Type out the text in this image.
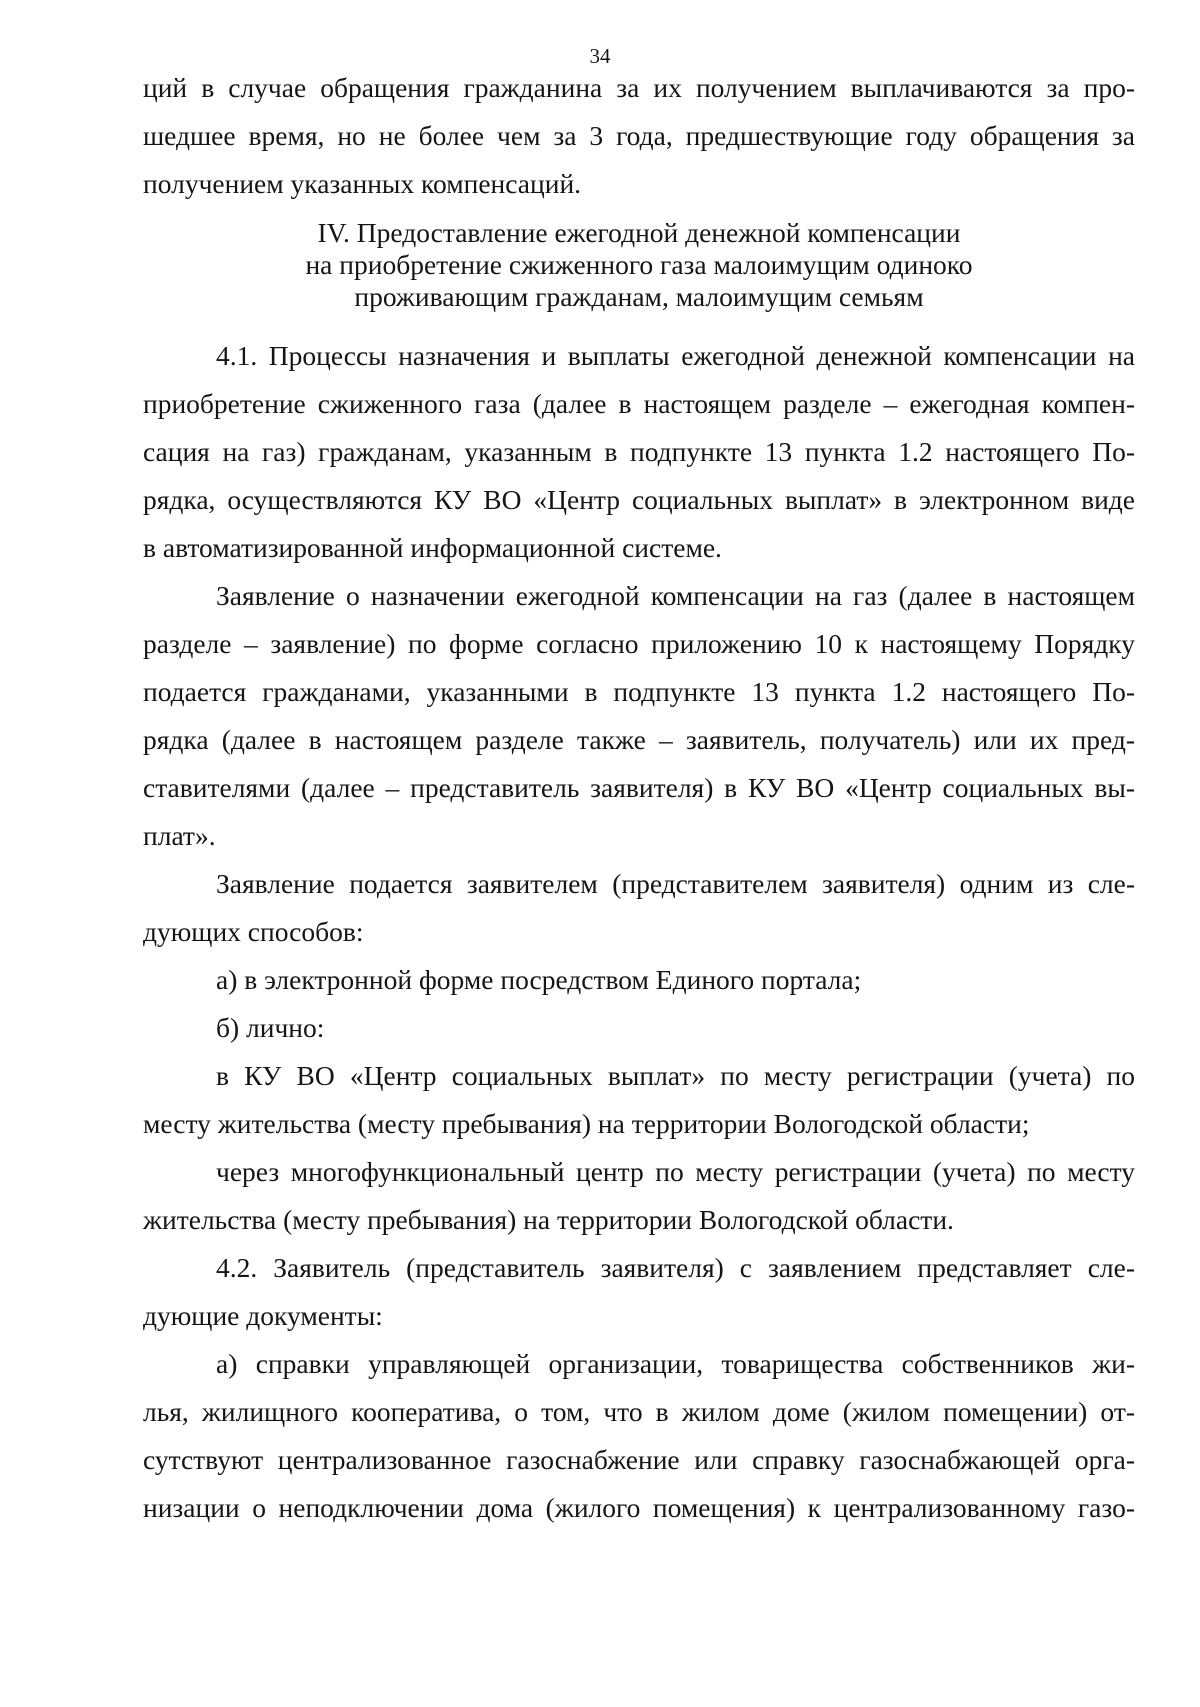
34
ций в случае обращения гражданина за их получением выплачиваются за про-
шедшее время, но не более чем за 3 года, предшествующие году обращения за
получением указанных компенсаций.
IV. Предоставление ежегодной денежной компенсации
на приобретение сжиженного газа малоимущим одиноко
проживающим гражданам, малоимущим семьям
4.1. Процессы назначения и выплаты ежегодной денежной компенсации на
приобретение сжиженного газа (далее в настоящем разделе – ежегодная компен-
сация на газ) гражданам, указанным в подпункте 13 пункта 1.2 настоящего По-
рядка, осуществляются КУ ВО «Центр социальных выплат» в электронном виде
в автоматизированной информационной системе.
Заявление о назначении ежегодной компенсации на газ (далее в настоящем
разделе – заявление) по форме согласно приложению 10 к настоящему Порядку
подается гражданами, указанными в подпункте 13 пункта 1.2 настоящего По-
рядка (далее в настоящем разделе также – заявитель, получатель) или их пред-
ставителями (далее – представитель заявителя) в КУ ВО «Центр социальных вы-
плат».
Заявление подается заявителем (представителем заявителя) одним из сле-
дующих способов:
а) в электронной форме посредством Единого портала;
б) лично:
в КУ ВО «Центр социальных выплат» по месту регистрации (учета) по
месту жительства (месту пребывания) на территории Вологодской области;
через многофункциональный центр по месту регистрации (учета) по месту
жительства (месту пребывания) на территории Вологодской области.
4.2. Заявитель (представитель заявителя) с заявлением представляет сле-
дующие документы:
а) справки управляющей организации, товарищества собственников жи-
лья, жилищного кооператива, о том, что в жилом доме (жилом помещении) от-
сутствуют централизованное газоснабжение или справку газоснабжающей орга-
низации о неподключении дома (жилого помещения) к централизованному газо-
